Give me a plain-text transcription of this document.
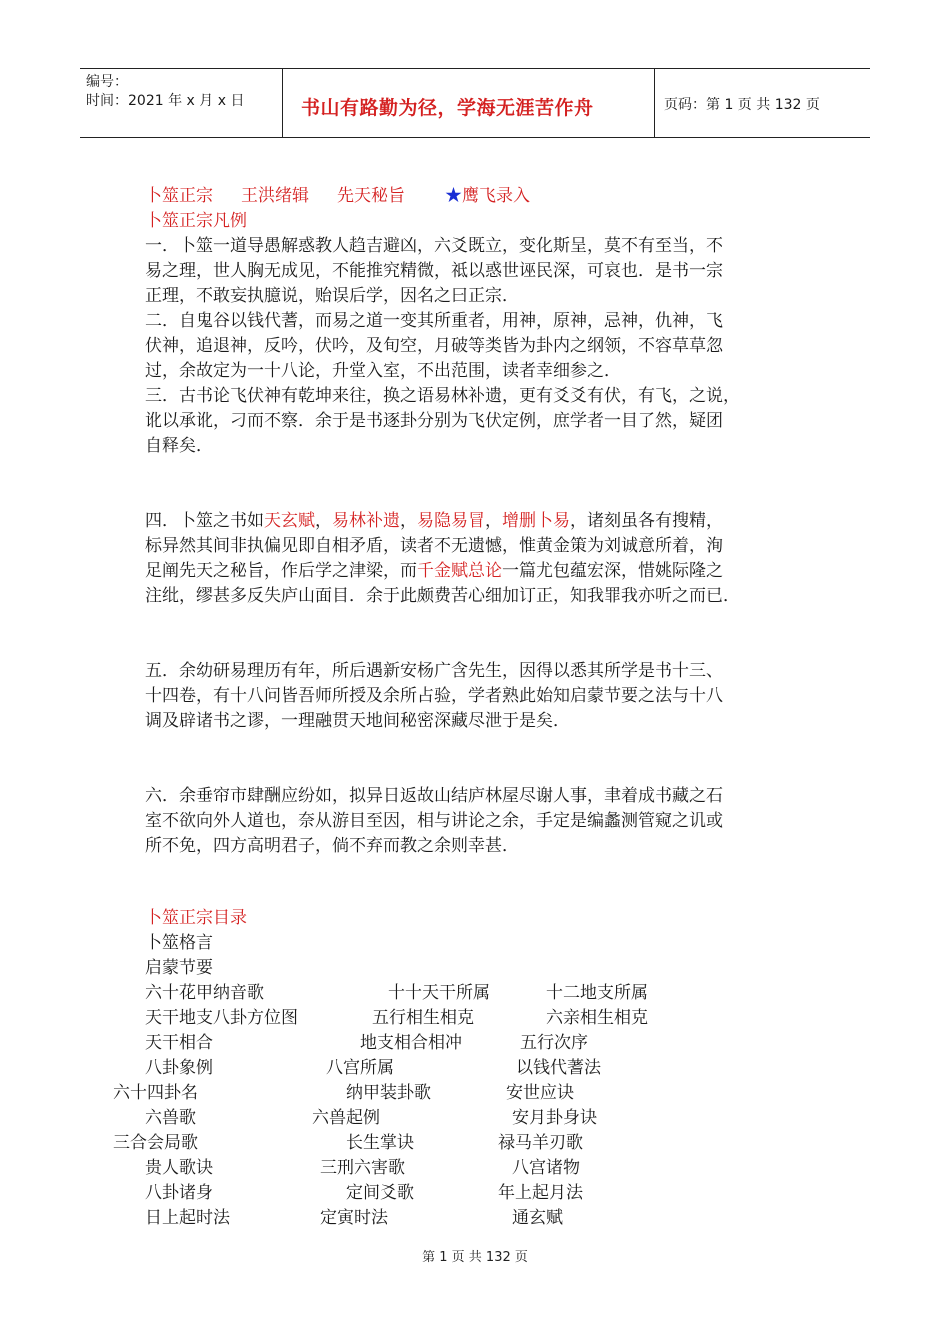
编号：
时间：2021 年 x 月 x 日	书山有路勤为径，学海无涯苦作舟	页码：第 1 页 共 132 页
卜筮正宗 王洪绪辑 先天秘旨 ★鹰飞录入
卜筮正宗凡例
一．卜筮一道导愚解惑教人趋吉避凶，六爻既立，变化斯呈，莫不有至当，不
易之理，世人胸无成见，不能推究精微，祗以惑世诬民深，可哀也．是书一宗
正理，不敢妄执臆说，贻误后学，因名之曰正宗．
二．自鬼谷以钱代蓍，而易之道一变其所重者，用神，原神，忌神，仇神，飞
伏神，追退神，反吟，伏吟，及旬空，月破等类皆为卦内之纲领，不容草草忽
过，余故定为一十八论，升堂入室，不出范围，读者幸细参之．
三．古书论飞伏神有乾坤来往，换之语易林补遗，更有爻爻有伏，有飞，之说，
讹以承讹，刁而不察．余于是书逐卦分别为飞伏定例，庶学者一目了然，疑团
自释矣．
四．卜筮之书如天玄赋，易林补遗，易隐易冒，增删卜易，诸刻虽各有搜精，
标异然其间非执偏见即自相矛盾，读者不无遗憾，惟黄金策为刘诚意所着，洵
足阐先天之秘旨，作后学之津梁，而千金赋总论一篇尤包蕴宏深，惜姚际隆之
注纰，缪甚多反失庐山面目．余于此颇费苦心细加订正，知我罪我亦听之而已．
五．余幼研易理历有年，所后遇新安杨广含先生，因得以悉其所学是书十三、
十四卷，有十八问皆吾师所授及余所占验，学者熟此始知启蒙节要之法与十八
调及辟诸书之谬，一理融贯天地间秘密深藏尽泄于是矣．
六．余垂帘市肆酬应纷如，拟异日返故山结庐林屋尽谢人事，聿着成书藏之石
室不欲向外人道也，奈从游目至因，相与讲论之余，手定是编蠡测管窥之讥或
所不免，四方高明君子，倘不弃而教之余则幸甚．
卜筮正宗目录
卜筮格言
启蒙节要
六十花甲纳音歌	十十天干所属	十二地支所属
天干地支八卦方位图	五行相生相克	六亲相生相克
天干相合	地支相合相冲	五行次序
八卦象例	八宫所属	以钱代蓍法
六十四卦名	纳甲装卦歌	安世应诀
六兽歌	六兽起例	安月卦身诀
三合会局歌	长生掌诀	禄马羊刃歌
贵人歌诀	三刑六害歌	八宫诸物
八卦诸身	定间爻歌	年上起月法
日上起时法	定寅时法	通玄赋
第 1 页 共 132 页
